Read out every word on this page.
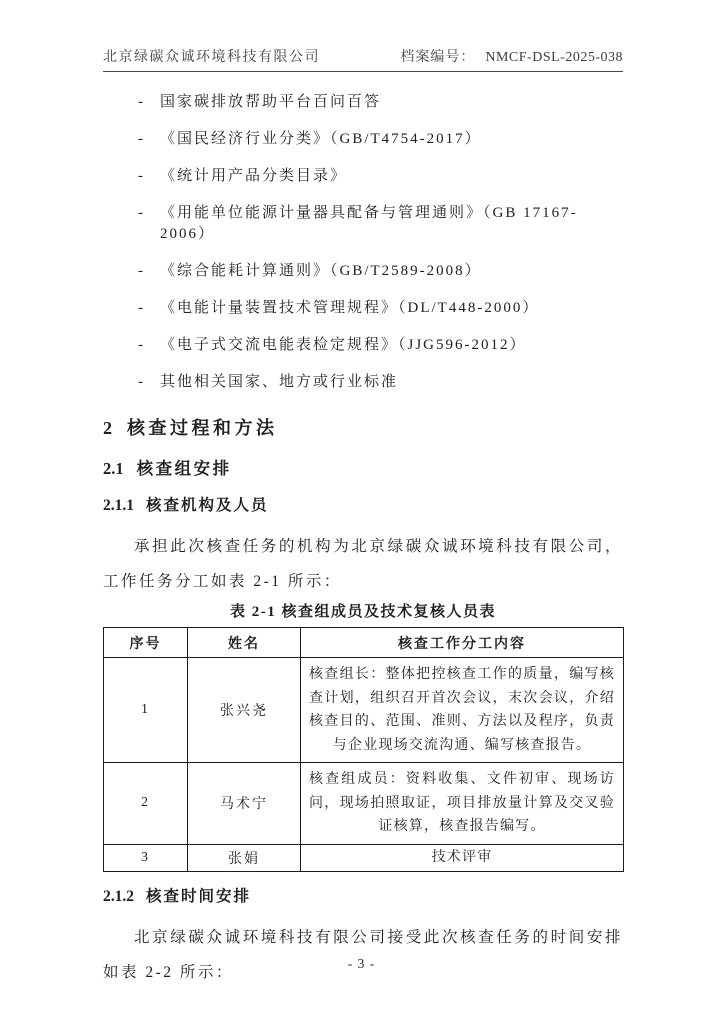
北京绿碳众诚环境科技有限公司	档案编号： NMCF-DSL-2025-038
-	国家碳排放帮助平台百问百答
-	《国民经济行业分类》（GB/T4754-2017）
-	《统计用产品分类目录》
-	《用能单位能源计量器具配备与管理通则》（GB 17167-2006）
-	《综合能耗计算通则》（GB/T2589-2008）
-	《电能计量装置技术管理规程》（DL/T448-2000）
-	《电子式交流电能表检定规程》（JJG596-2012）
-	其他相关国家、地方或行业标准
2 核查过程和方法
2.1 核查组安排
2.1.1 核查机构及人员

承担此次核查任务的机构为北京绿碳众诚环境科技有限公司，工作任务分工如表 2-1 所示：

表 2-1 核查组成员及技术复核人员表
序号	姓名	核查工作分工内容
1	张兴尧	核查组长：整体把控核查工作的质量，编写核查计划，组织召开首次会议，末次会议，介绍核查目的、范围、准则、方法以及程序，负责与企业现场交流沟通、编写核查报告。
2	马术宁	核查组成员：资料收集、文件初审、现场访问，现场拍照取证，项目排放量计算及交叉验证核算，核查报告编写。
3	张娟	技术评审
2.1.2 核查时间安排

北京绿碳众诚环境科技有限公司接受此次核查任务的时间安排如表 2-2 所示：	- 3 -
